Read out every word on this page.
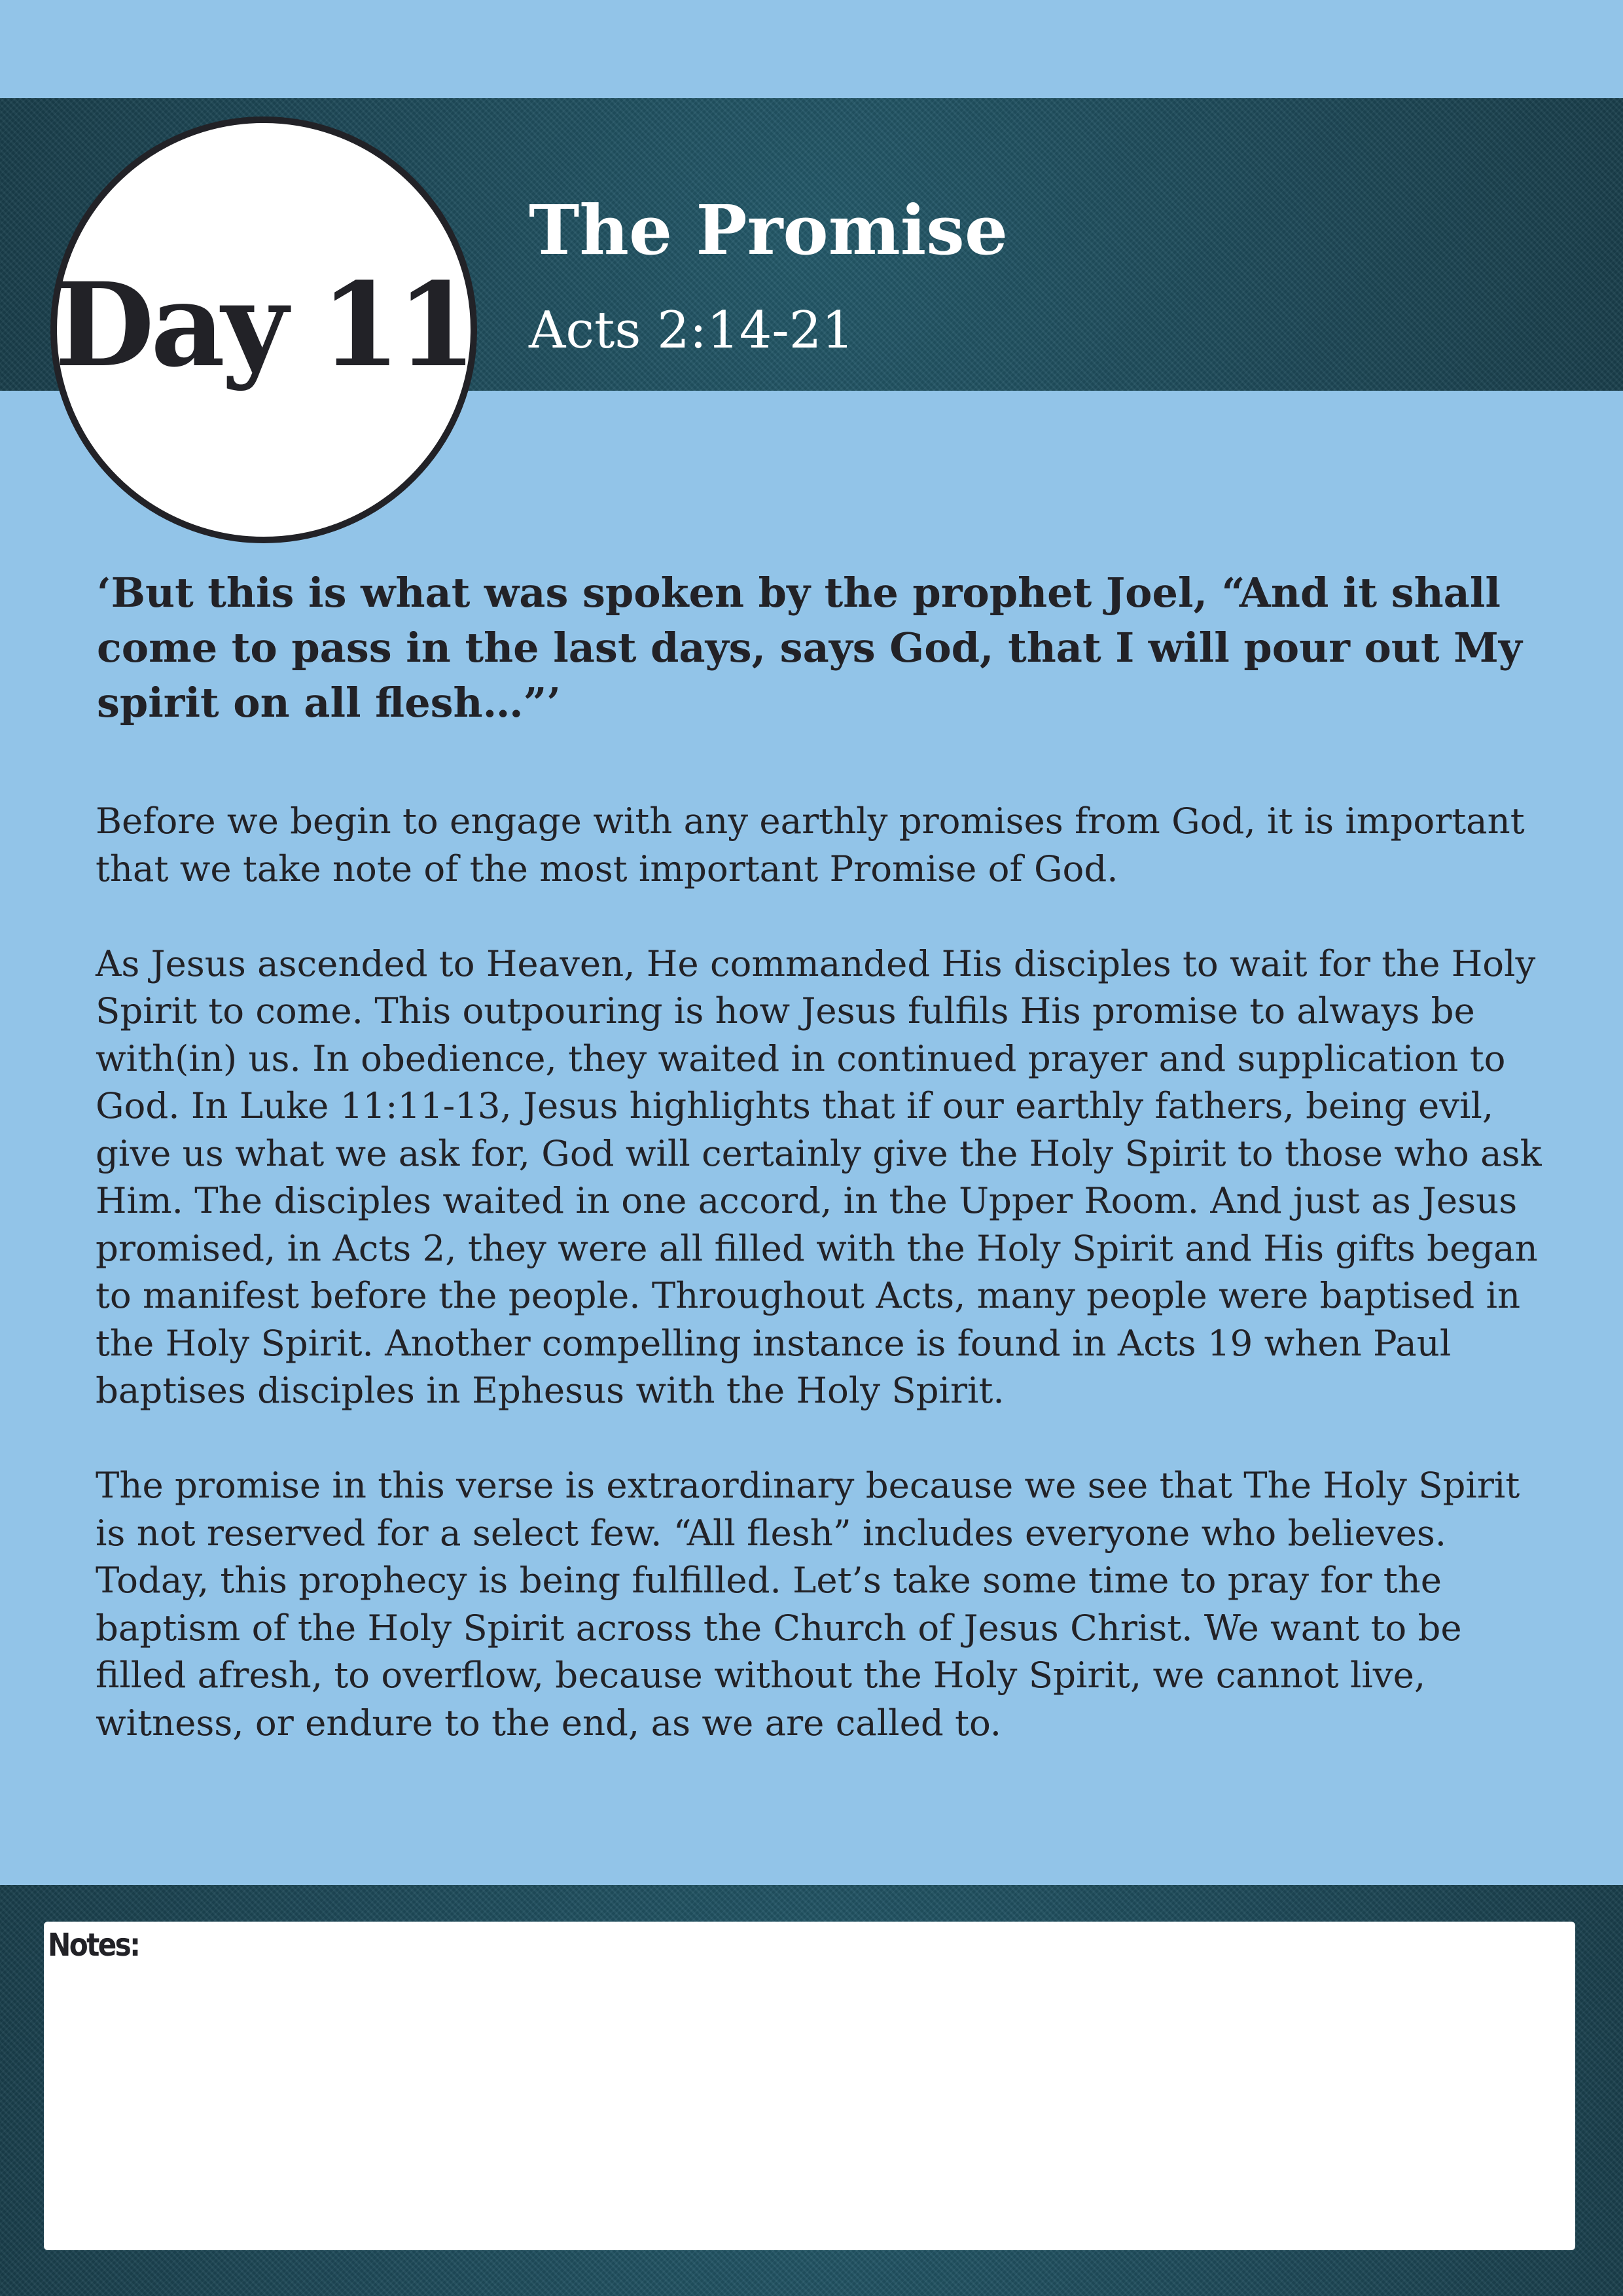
Day 11
The Promise
Acts 2:14-21

‘But this is what was spoken by the prophet Joel, “And it shall come to pass in the last days, says God, that I will pour out My spirit on all flesh…”’

Before we begin to engage with any earthly promises from God, it is important that we take note of the most important Promise of God.

As Jesus ascended to Heaven, He commanded His disciples to wait for the Holy Spirit to come. This outpouring is how Jesus fulfils His promise to always be with(in) us. In obedience, they waited in continued prayer and supplication to God. In Luke 11:11-13, Jesus highlights that if our earthly fathers, being evil, give us what we ask for, God will certainly give the Holy Spirit to those who ask Him. The disciples waited in one accord, in the Upper Room. And just as Jesus promised, in Acts 2, they were all filled with the Holy Spirit and His gifts began to manifest before the people. Throughout Acts, many people were baptised in the Holy Spirit. Another compelling instance is found in Acts 19 when Paul baptises disciples in Ephesus with the Holy Spirit.

The promise in this verse is extraordinary because we see that The Holy Spirit is not reserved for a select few. “All flesh” includes everyone who believes. Today, this prophecy is being fulfilled. Let’s take some time to pray for the baptism of the Holy Spirit across the Church of Jesus Christ. We want to be filled afresh, to overflow, because without the Holy Spirit, we cannot live, witness, or endure to the end, as we are called to.

Notes:
